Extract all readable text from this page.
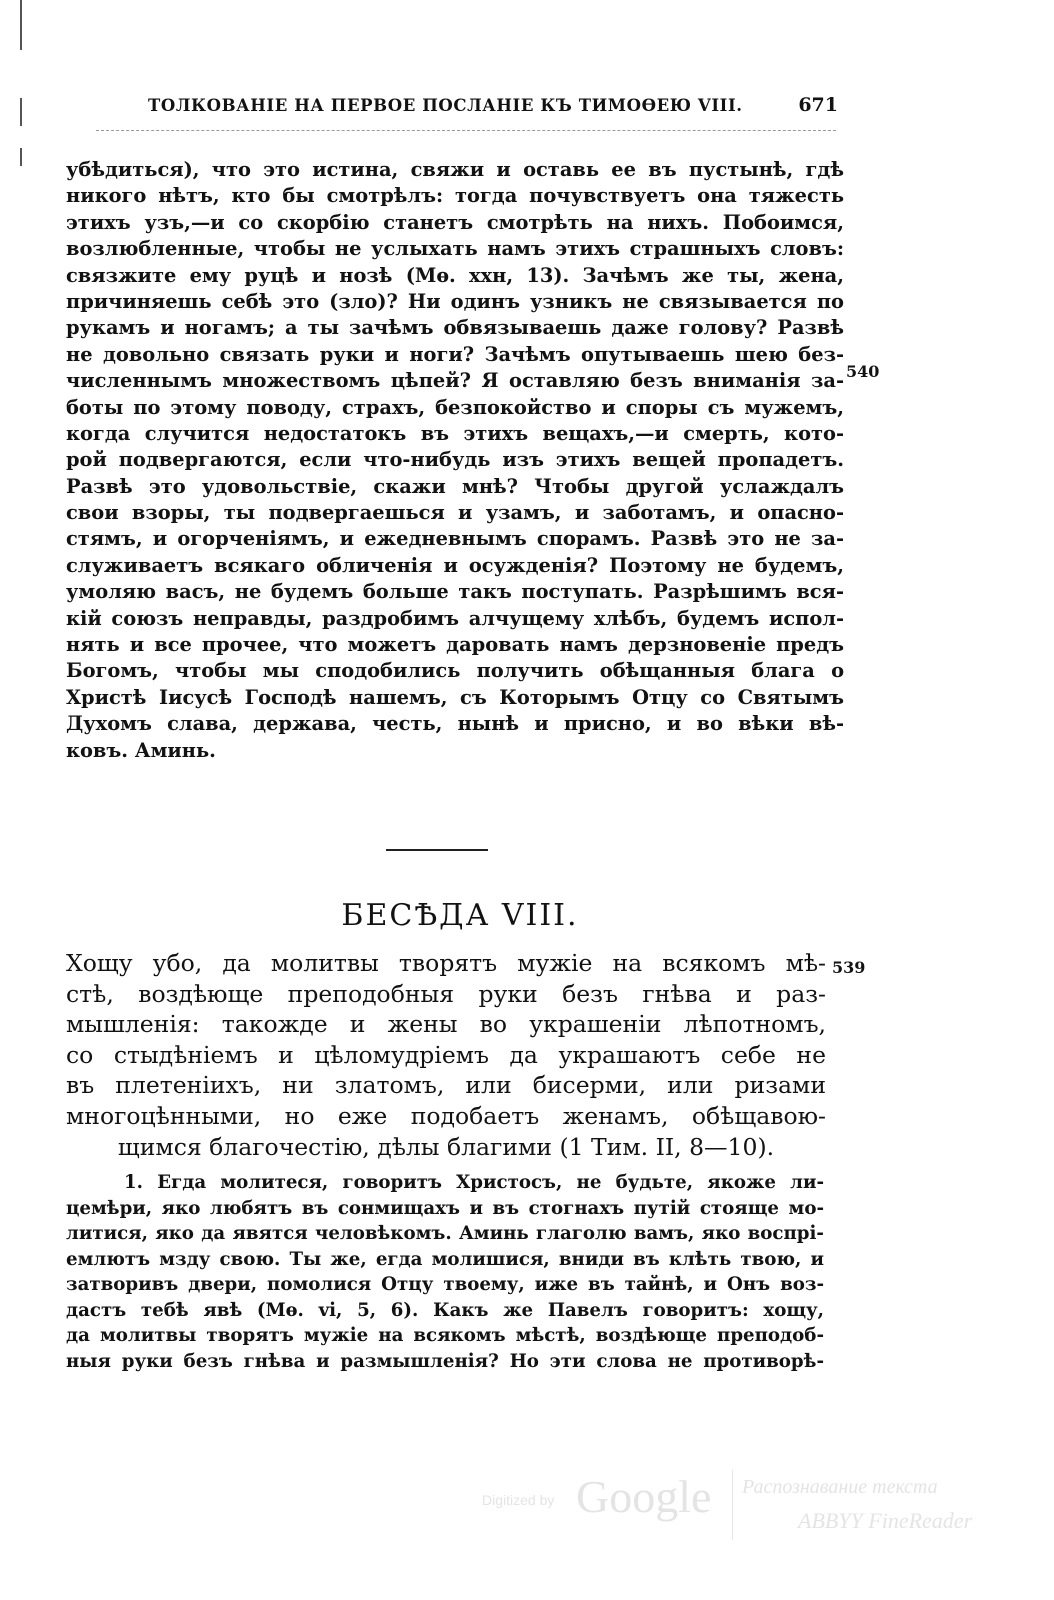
ТОЛКОВАНІЕ НА ПЕРВОЕ ПОСЛАНІЕ КЪ ТИМОѲЕЮ VIII.	671
убѣдиться), что это истина, свяжи и оставь ее въ пустынѣ, гдѣ
никого нѣтъ, кто бы смотрѣлъ: тогда почувствуетъ она тяжесть
этихъ узъ,—и со скорбію станетъ смотрѣть на нихъ. Побоимся,
возлюбленные, чтобы не услыхать намъ этихъ страшныхъ словъ:
связжите ему руцѣ и нозѣ (Мѳ. ххн, 13). Зачѣмъ же ты, жена,
причиняешь себѣ это (зло)? Ни одинъ узникъ не связывается по
рукамъ и ногамъ; а ты зачѣмъ обвязываешь даже голову? Развѣ
не довольно связать руки и ноги? Зачѣмъ опутываешь шею без-
численнымъ множествомъ цѣпей? Я оставляю безъ вниманія за-
боты по этому поводу, страхъ, безпокойство и споры съ мужемъ,
когда случится недостатокъ въ этихъ вещахъ,—и смерть, кото-
рой подвергаются, если что-нибудь изъ этихъ вещей пропадетъ.
Развѣ это удовольствіе, скажи мнѣ? Чтобы другой услаждалъ
свои взоры, ты подвергаешься и узамъ, и заботамъ, и опасно-
стямъ, и огорченіямъ, и ежедневнымъ спорамъ. Развѣ это не за-
служиваетъ всякаго обличенія и осужденія? Поэтому не будемъ,
умоляю васъ, не будемъ больше такъ поступать. Разрѣшимъ вся-
кій союзъ неправды, раздробимъ алчущему хлѣбъ, будемъ испол-
нять и все прочее, что можетъ даровать намъ дерзновеніе предъ
Богомъ, чтобы мы сподобились получить обѣщанныя блага о
Христѣ Іисусѣ Господѣ нашемъ, съ Которымъ Отцу со Святымъ
Духомъ слава, держава, честь, нынѣ и присно, и во вѣки вѣ-
ковъ. Аминь.
540
БЕСѢДА VIII.
Хощу убо, да молитвы творятъ мужіе на всякомъ мѣ-
стѣ, воздѣюще преподобныя руки безъ гнѣва и раз-
мышленія: такожде и жены во украшеніи лѣпотномъ,
со стыдѣніемъ и цѣломудріемъ да украшаютъ себе не
въ плетеніихъ, ни златомъ, или бисерми, или ризами
многоцѣнными, но еже подобаетъ женамъ, обѣщавою-
щимся благочестію, дѣлы благими (1 Тим. II, 8—10).
539
1. Егда молитеся, говоритъ Христосъ, не будьте, якоже ли-
цемѣри, яко любятъ въ сонмищахъ и въ стогнахъ путій стояще мо-
литися, яко да явятся человѣкомъ. Аминь глаголю вамъ, яко воспрі-
емлютъ мзду свою. Ты же, егда молишися, вниди въ клѣть твою, и
затворивъ двери, помолися Отцу твоему, иже въ тайнѣ, и Онъ воз-
дастъ тебѣ явѣ (Мѳ. vi, 5, 6). Какъ же Павелъ говоритъ: хощу,
да молитвы творятъ мужіе на всякомъ мѣстѣ, воздѣюще преподоб-
ныя руки безъ гнѣва и размышленія? Но эти слова не противорѣ-
Digitized by Google Распознавание текста
ABBYY FineReader
